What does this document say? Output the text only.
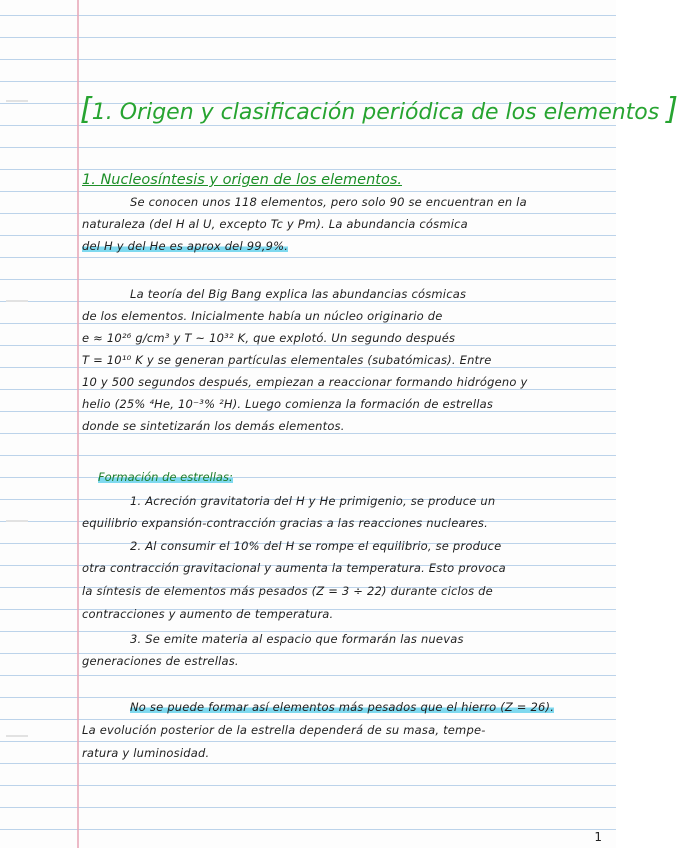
[1. Origen y clasificación periódica de los elementos ]
1. Nucleosíntesis y origen de los elementos.
Se conocen unos 118 elementos, pero solo 90 se encuentran en la
naturaleza (del H al U, excepto Tc y Pm). La abundancia cósmica
del H y del He es aprox del 99,9%.
La teoría del Big Bang explica las abundancias cósmicas
de los elementos. Inicialmente había un núcleo originario de
e ≈ 10²⁶ g/cm³ y T ~ 10³² K, que explotó. Un segundo después
T = 10¹⁰ K y se generan partículas elementales (subatómicas). Entre
10 y 500 segundos después, empiezan a reaccionar formando hidrógeno y
helio (25% ⁴He, 10⁻³% ²H). Luego comienza la formación de estrellas
donde se sintetizarán los demás elementos.
Formación de estrellas:
1. Acreción gravitatoria del H y He primigenio, se produce un
equilibrio expansión-contracción gracias a las reacciones nucleares.
2. Al consumir el 10% del H se rompe el equilibrio, se produce
otra contracción gravitacional y aumenta la temperatura. Esto provoca
la síntesis de elementos más pesados (Z = 3 ÷ 22) durante ciclos de
contracciones y aumento de temperatura.
3. Se emite materia al espacio que formarán las nuevas
generaciones de estrellas.
No se puede formar así elementos más pesados que el hierro (Z = 26).
La evolución posterior de la estrella dependerá de su masa, tempe-
ratura y luminosidad.
1
